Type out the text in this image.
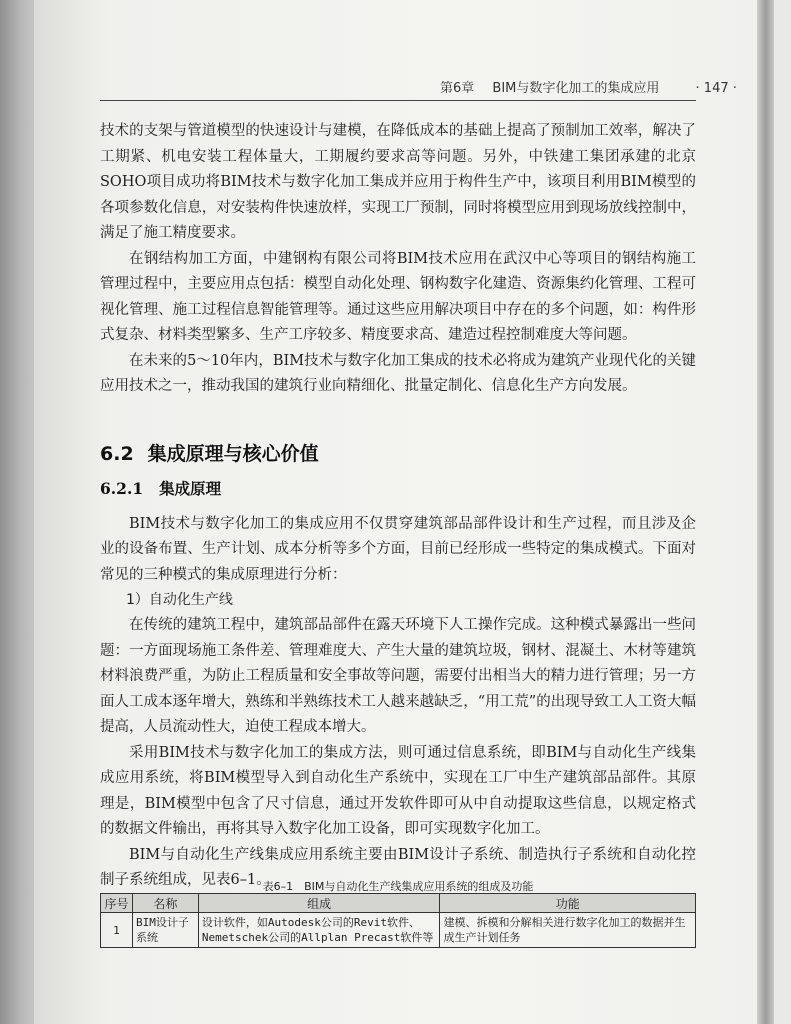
第6章 BIM与数字化加工的集成应用	· 147 ·

技术的支架与管道模型的快速设计与建模，在降低成本的基础上提高了预制加工效率，解决了工期紧、机电安装工程体量大，工期履约要求高等问题。另外，中铁建工集团承建的北京SOHO项目成功将BIM技术与数字化加工集成并应用于构件生产中，该项目利用BIM模型的各项参数化信息，对安装构件快速放样，实现工厂预制，同时将模型应用到现场放线控制中，满足了施工精度要求。

在钢结构加工方面，中建钢构有限公司将BIM技术应用在武汉中心等项目的钢结构施工管理过程中，主要应用点包括：模型自动化处理、钢构数字化建造、资源集约化管理、工程可视化管理、施工过程信息智能管理等。通过这些应用解决项目中存在的多个问题，如：构件形式复杂、材料类型繁多、生产工序较多、精度要求高、建造过程控制难度大等问题。

在未来的5～10年内，BIM技术与数字化加工集成的技术必将成为建筑产业现代化的关键应用技术之一，推动我国的建筑行业向精细化、批量定制化、信息化生产方向发展。

6.2 集成原理与核心价值
6.2.1 集成原理

BIM技术与数字化加工的集成应用不仅贯穿建筑部品部件设计和生产过程，而且涉及企业的设备布置、生产计划、成本分析等多个方面，目前已经形成一些特定的集成模式。下面对常见的三种模式的集成原理进行分析：

1）自动化生产线

在传统的建筑工程中，建筑部品部件在露天环境下人工操作完成。这种模式暴露出一些问题：一方面现场施工条件差、管理难度大、产生大量的建筑垃圾，钢材、混凝土、木材等建筑材料浪费严重，为防止工程质量和安全事故等问题，需要付出相当大的精力进行管理；另一方面人工成本逐年增大，熟练和半熟练技术工人越来越缺乏，“用工荒”的出现导致工人工资大幅提高，人员流动性大，迫使工程成本增大。

采用BIM技术与数字化加工的集成方法，则可通过信息系统，即BIM与自动化生产线集成应用系统，将BIM模型导入到自动化生产系统中，实现在工厂中生产建筑部品部件。其原理是，BIM模型中包含了尺寸信息，通过开发软件即可从中自动提取这些信息，以规定格式的数据文件输出，再将其导入数字化加工设备，即可实现数字化加工。

BIM与自动化生产线集成应用系统主要由BIM设计子系统、制造执行子系统和自动化控制子系统组成，见表6–1。

表6–1　BIM与自动化生产线集成应用系统的组成及功能
序号	名称	组成	功能
1	BIM设计子系统	设计软件，如Autodesk公司的Revit软件、Nemetschek公司的Allplan Precast软件等	建模、拆模和分解相关进行数字化加工的数据并生成生产计划任务
